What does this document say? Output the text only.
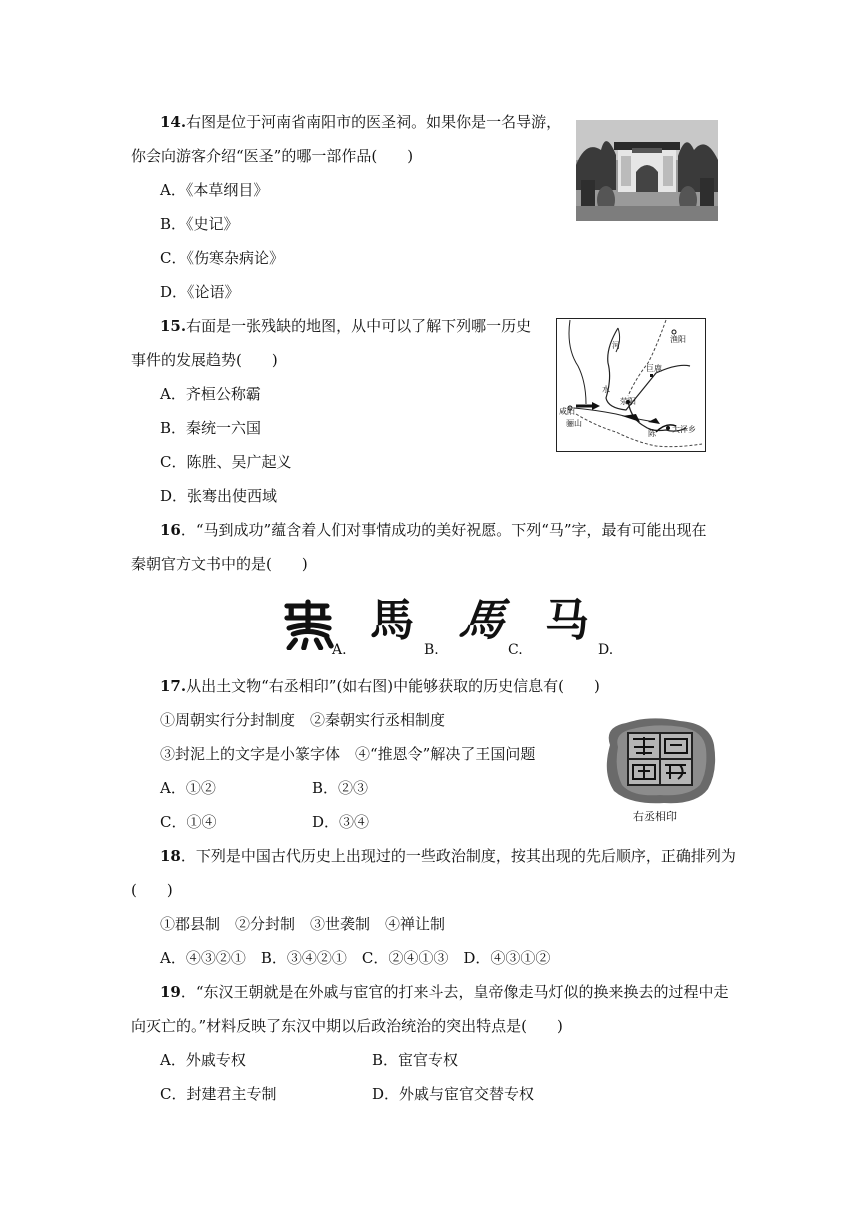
14.右图是位于河南省南阳市的医圣祠。如果你是一名导游，
你会向游客介绍“医圣”的哪一部作品(　　)
A．《本草纲目》
B．《史记》
C．《伤寒杂病论》
D．《论语》
15.右面是一张残缺的地图，从中可以了解下列哪一历史
事件的发展趋势(　　)
A．齐桓公称霸
B．秦统一六国
C．陈胜、吴广起义
D．张骞出使西域
渔阳
河
水
巨鹿
荥阳
咸阳
骊山
陈 大泽乡
16．“马到成功”蕴含着人们对事情成功的美好祝愿。下列“马”字，最有可能出现在
秦朝官方文书中的是(　　)
A.
馬
B.
馬
C.
马
D.
17.从出土文物“右丞相印”(如右图)中能够获取的历史信息有(　　)
①周朝实行分封制度　②秦朝实行丞相制度
③封泥上的文字是小篆字体　④“推恩令”解决了王国问题
A．①②	B．②③
C．①④	D．③④	右丞相印
18．下列是中国古代历史上出现过的一些政治制度，按其出现的先后顺序，正确排列为
(　　)
①郡县制　②分封制　③世袭制　④禅让制
A．④③②①　B．③④②①　C．②④①③　D．④③①②
19．“东汉王朝就是在外戚与宦官的打来斗去，皇帝像走马灯似的换来换去的过程中走
向灭亡的。”材料反映了东汉中期以后政治统治的突出特点是(　　)
A．外戚专权	B．宦官专权
C．封建君主专制	D．外戚与宦官交替专权
